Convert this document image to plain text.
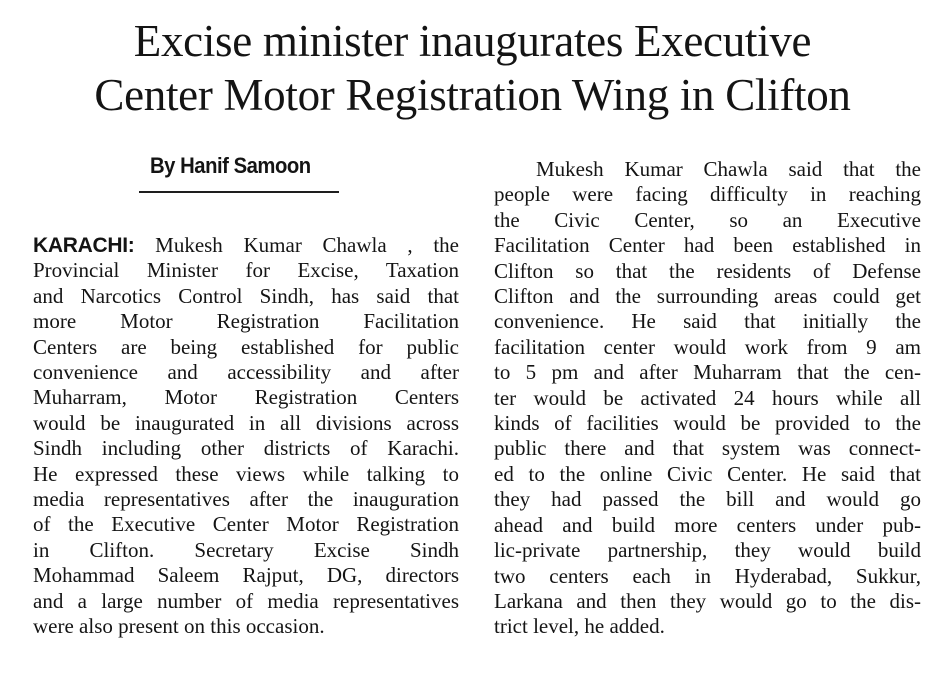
Excise minister inaugurates Executive
Center Motor Registration Wing in Clifton
By Hanif Samoon
KARACHI: Mukesh Kumar Chawla , the
Provincial Minister for Excise, Taxation
and Narcotics Control Sindh, has said that
more Motor Registration Facilitation
Centers are being established for public
convenience and accessibility and after
Muharram, Motor Registration Centers
would be inaugurated in all divisions across
Sindh including other districts of Karachi.
He expressed these views while talking to
media representatives after the inauguration
of the Executive Center Motor Registration
in Clifton. Secretary Excise Sindh
Mohammad Saleem Rajput, DG, directors
and a large number of media representatives
were also present on this occasion.
Mukesh Kumar Chawla said that the
people were facing difficulty in reaching
the Civic Center, so an Executive
Facilitation Center had been established in
Clifton so that the residents of Defense
Clifton and the surrounding areas could get
convenience. He said that initially the
facilitation center would work from 9 am
to 5 pm and after Muharram that the cen-
ter would be activated 24 hours while all
kinds of facilities would be provided to the
public there and that system was connect-
ed to the online Civic Center. He said that
they had passed the bill and would go
ahead and build more centers under pub-
lic-private partnership, they would build
two centers each in Hyderabad, Sukkur,
Larkana and then they would go to the dis-
trict level, he added.
